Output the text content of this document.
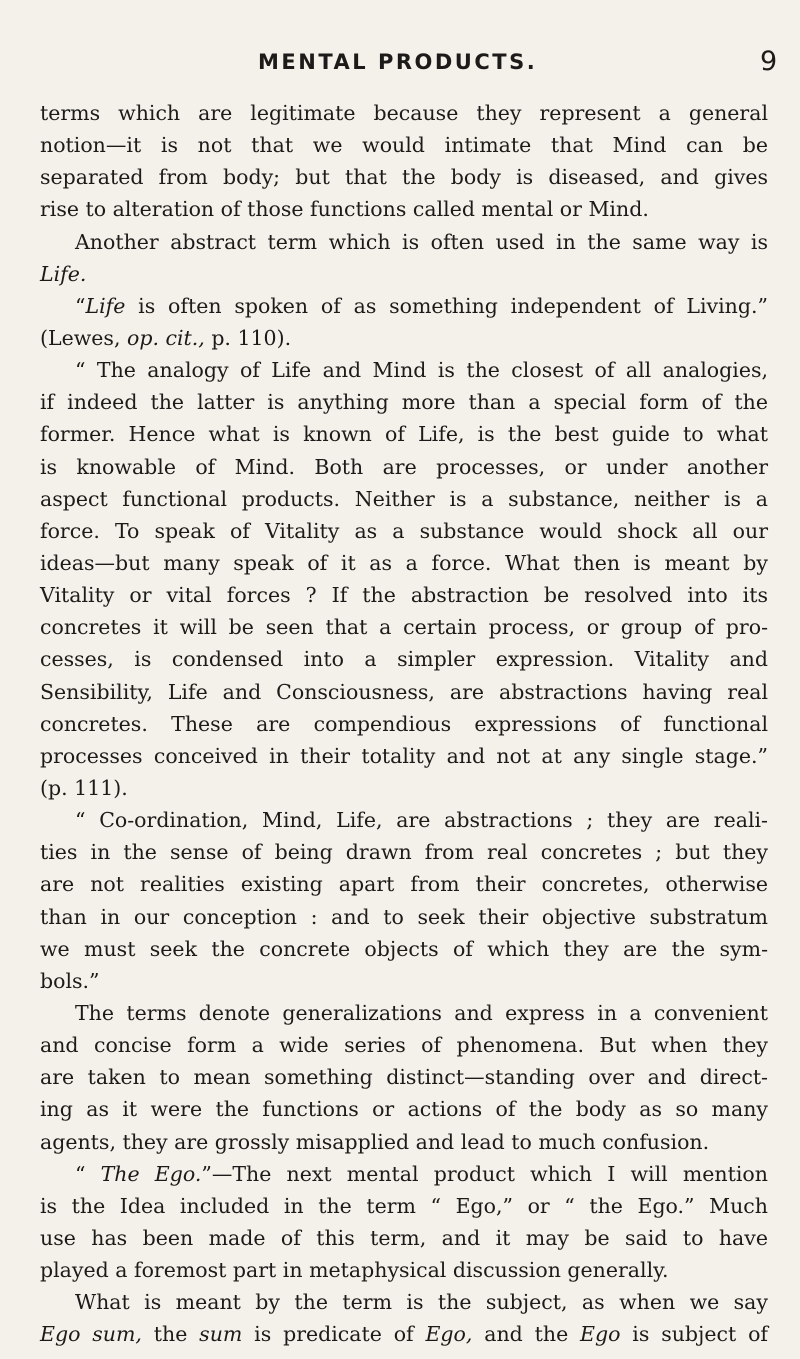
MENTAL PRODUCTS.	9
terms which are legitimate because they represent a general
notion—it is not that we would intimate that Mind can be
separated from body; but that the body is diseased, and gives
rise to alteration of those functions called mental or Mind.
Another abstract term which is often used in the same way is
Life.
“Life is often spoken of as something independent of Living.”
(Lewes, op. cit., p. 110).
“ The analogy of Life and Mind is the closest of all analogies,
if indeed the latter is anything more than a special form of the
former. Hence what is known of Life, is the best guide to what
is knowable of Mind. Both are processes, or under another
aspect functional products. Neither is a substance, neither is a
force. To speak of Vitality as a substance would shock all our
ideas—but many speak of it as a force. What then is meant by
Vitality or vital forces ? If the abstraction be resolved into its
concretes it will be seen that a certain process, or group of pro-
cesses, is condensed into a simpler expression. Vitality and
Sensibility, Life and Consciousness, are abstractions having real
concretes. These are compendious expressions of functional
processes conceived in their totality and not at any single stage.”
(p. 111).
“ Co-ordination, Mind, Life, are abstractions ; they are reali-
ties in the sense of being drawn from real concretes ; but they
are not realities existing apart from their concretes, otherwise
than in our conception : and to seek their objective substratum
we must seek the concrete objects of which they are the sym-
bols.”
The terms denote generalizations and express in a convenient
and concise form a wide series of phenomena. But when they
are taken to mean something distinct—standing over and direct-
ing as it were the functions or actions of the body as so many
agents, they are grossly misapplied and lead to much confusion.
“ The Ego.”—The next mental product which I will mention
is the Idea included in the term “ Ego,” or “ the Ego.” Much
use has been made of this term, and it may be said to have
played a foremost part in metaphysical discussion generally.
What is meant by the term is the subject, as when we say
Ego sum, the sum is predicate of Ego, and the Ego is subject of
